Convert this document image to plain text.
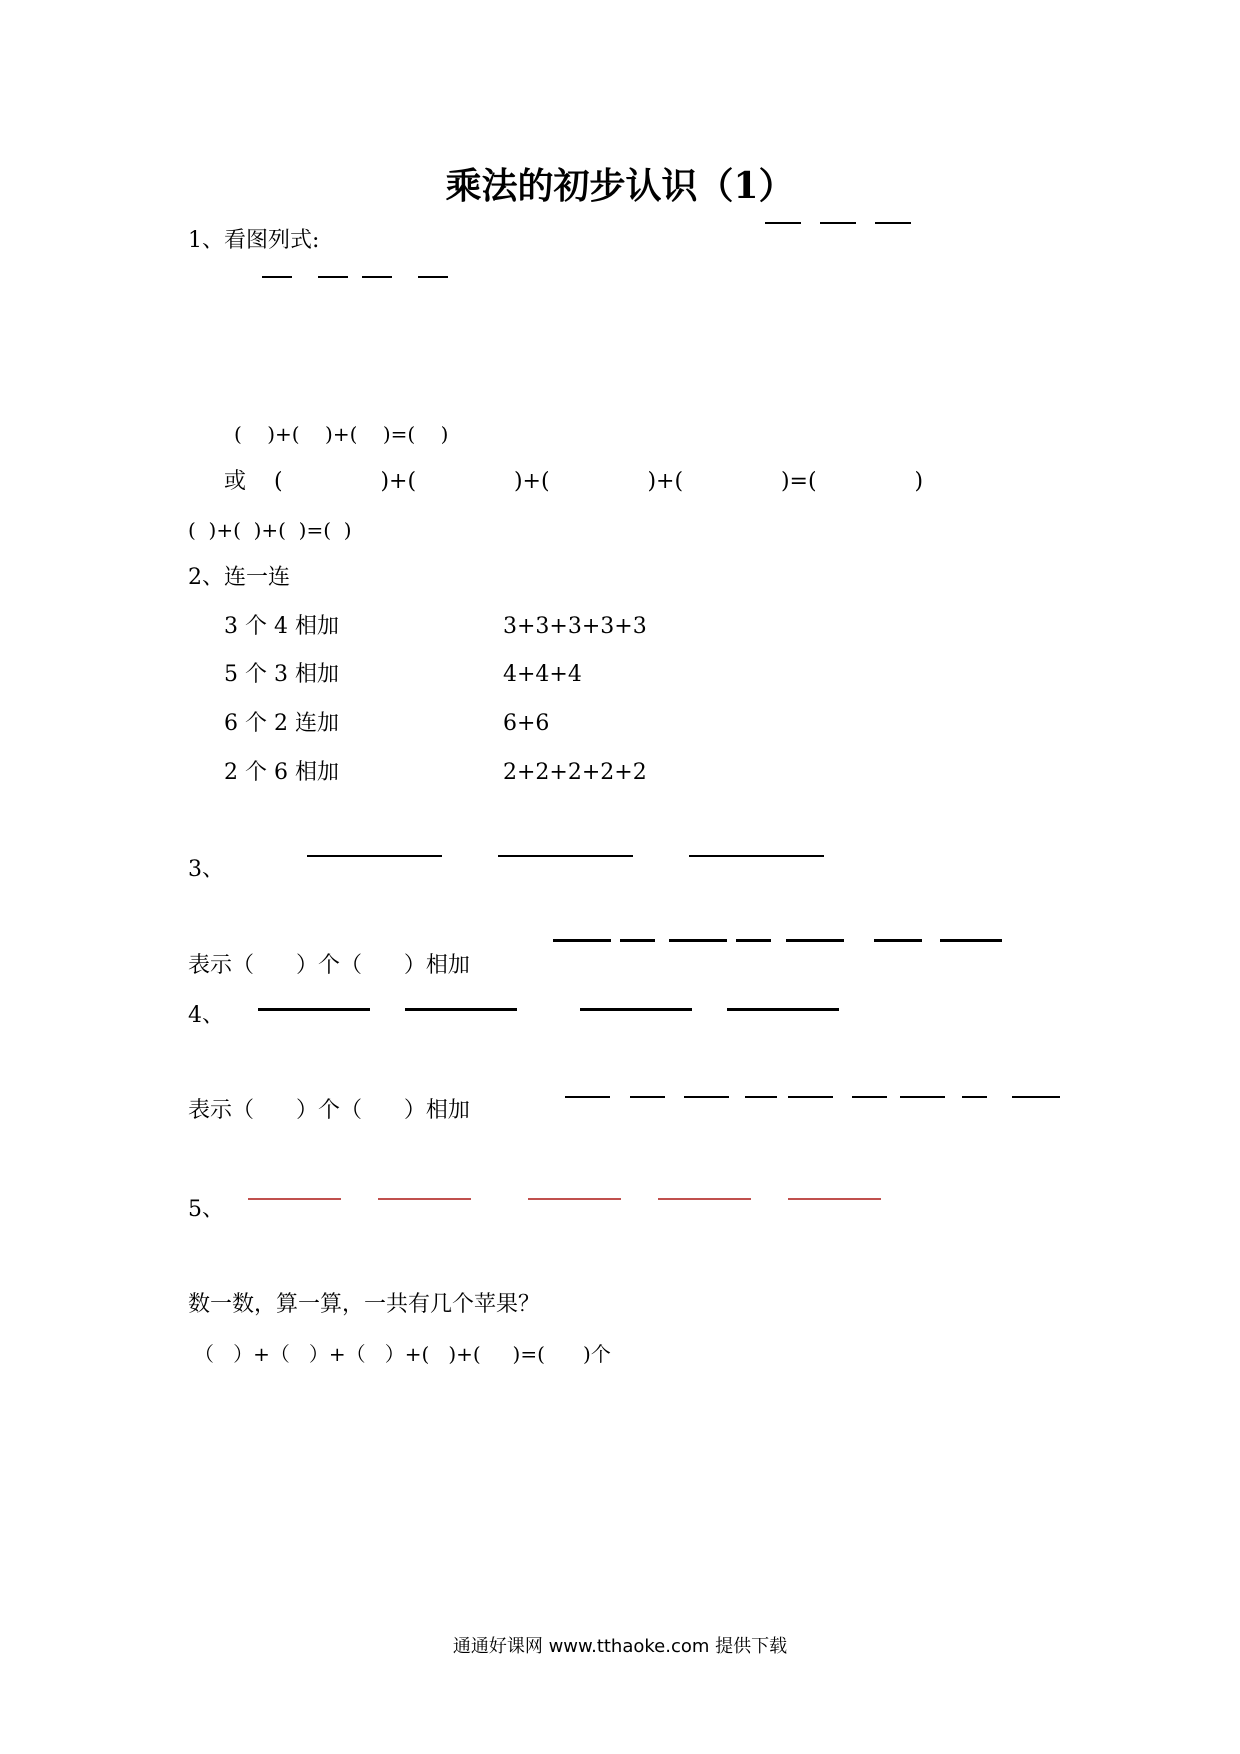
乘法的初步认识（1）
1、看图列式:
(    )+(    )+(    )=(    )
或    (              )+(              )+(              )+(              )=(              )
(  )+(  )+(  )=(  )
2、连一连
3 个 4 相加
5 个 3 相加
6 个 2 连加
2 个 6 相加
3+3+3+3+3
4+4+4
6+6
2+2+2+2+2
3、
表示（      ）个（      ）相加
4、
表示（      ）个（      ）相加
5、
数一数，算一算，一共有几个苹果？
（   ）+（   ）+（   ）+(   )+(     )=(      )个
通通好课网 www.tthaoke.com 提供下载
